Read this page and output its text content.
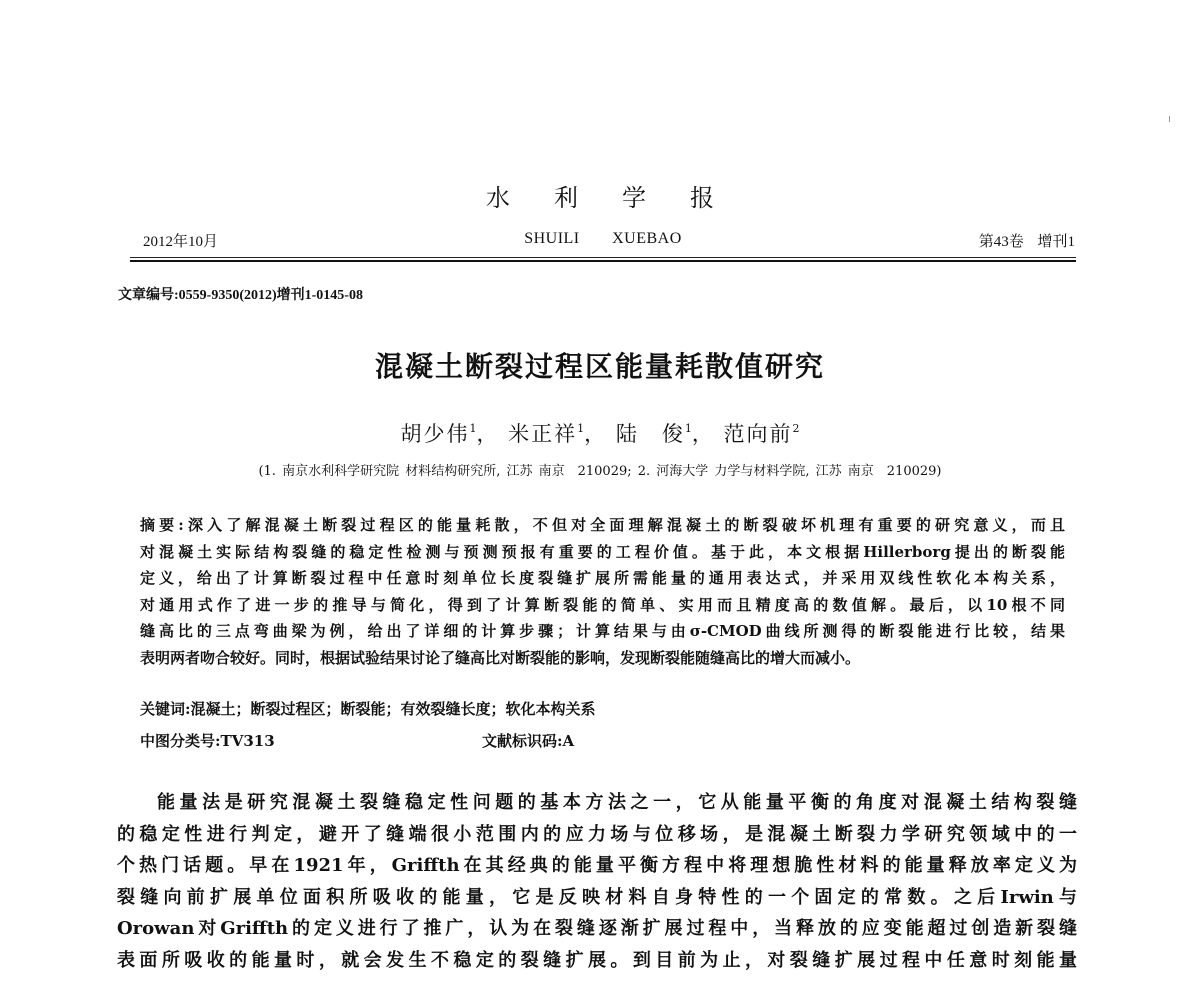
水利学报
2012年10月	SHUILI XUEBAO	第43卷 增刊1
文章编号:0559-9350(2012)增刊1-0145-08
混凝土断裂过程区能量耗散值研究
胡少伟$^1$， 米正祥$^1$， 陆　俊$^1$， 范向前$^2$
(1. 南京水利科学研究院 材料结构研究所, 江苏 南京　210029; 2. 河海大学 力学与材料学院, 江苏 南京　210029)
摘要:深入了解混凝土断裂过程区的能量耗散，不但对全面理解混凝土的断裂破坏机理有重要的研究意义，而且
对混凝土实际结构裂缝的稳定性检测与预测预报有重要的工程价值。基于此，本文根据Hillerborg提出的断裂能
定义，给出了计算断裂过程中任意时刻单位长度裂缝扩展所需能量的通用表达式，并采用双线性软化本构关系，
对通用式作了进一步的推导与简化，得到了计算断裂能的简单、实用而且精度高的数值解。最后，以10根不同
缝高比的三点弯曲梁为例，给出了详细的计算步骤；计算结果与由σ-CMOD曲线所测得的断裂能进行比较，结果
表明两者吻合较好。同时，根据试验结果讨论了缝高比对断裂能的影响，发现断裂能随缝高比的增大而减小。
关键词:混凝土；断裂过程区；断裂能；有效裂缝长度；软化本构关系
中图分类号:TV313	文献标识码:A
能量法是研究混凝土裂缝稳定性问题的基本方法之一，它从能量平衡的角度对混凝土结构裂缝
的稳定性进行判定，避开了缝端很小范围内的应力场与位移场，是混凝土断裂力学研究领域中的一
个热门话题。早在1921年，Griffth在其经典的能量平衡方程中将理想脆性材料的能量释放率定义为
裂缝向前扩展单位面积所吸收的能量，它是反映材料自身特性的一个固定的常数。之后Irwin与
Orowan对Griffth的定义进行了推广，认为在裂缝逐渐扩展过程中，当释放的应变能超过创造新裂缝
表面所吸收的能量时，就会发生不稳定的裂缝扩展。到目前为止，对裂缝扩展过程中任意时刻能量
